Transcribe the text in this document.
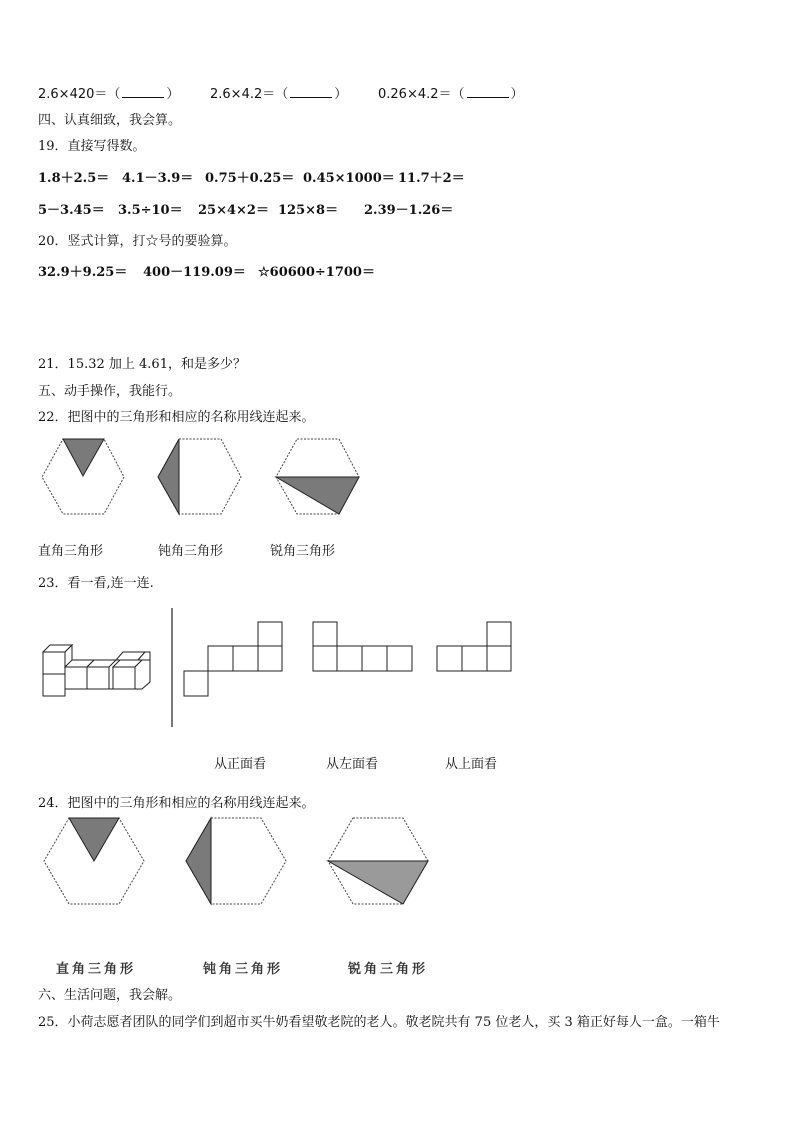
2.6×420＝（	） 2.6×4.2＝（	） 0.26×4.2＝（	）
四、认真细致，我会算。
19．直接写得数。
1.8＋2.5＝ 4.1－3.9＝ 0.75＋0.25＝ 0.45×1000＝ 11.7＋2＝
5－3.45＝ 3.5÷10＝ 25×4×2＝ 125×8＝ 2.39－1.26＝
20．竖式计算，打☆号的要验算。
32.9＋9.25＝ 400－119.09＝ ☆60600÷1700＝
21．15.32 加上 4.61，和是多少？
五、动手操作，我能行。
22．把图中的三角形和相应的名称用线连起来。
直角三角形	钝角三角形	锐角三角形
23．看一看,连一连.
从正面看	从左面看	从上面看
24．把图中的三角形和相应的名称用线连起来。
直角三角形	钝角三角形	锐角三角形
六、生活问题，我会解。
25．小荷志愿者团队的同学们到超市买牛奶看望敬老院的老人。敬老院共有 75 位老人，买 3 箱正好每人一盒。一箱牛
